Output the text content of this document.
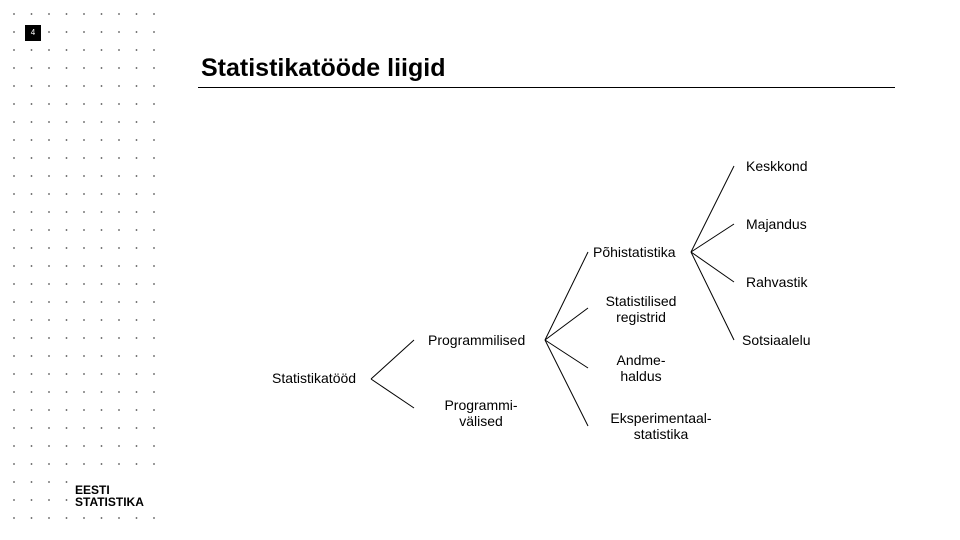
4
Statistikatööde liigid
Statistikatööd
Programmilised
Programmi-
välised
Põhistatistika
Statistilised
registrid
Andme-
haldus
Eksperimentaal-
statistika
Keskkond
Majandus
Rahvastik
Sotsiaalelu
EESTI
STATISTIKA
